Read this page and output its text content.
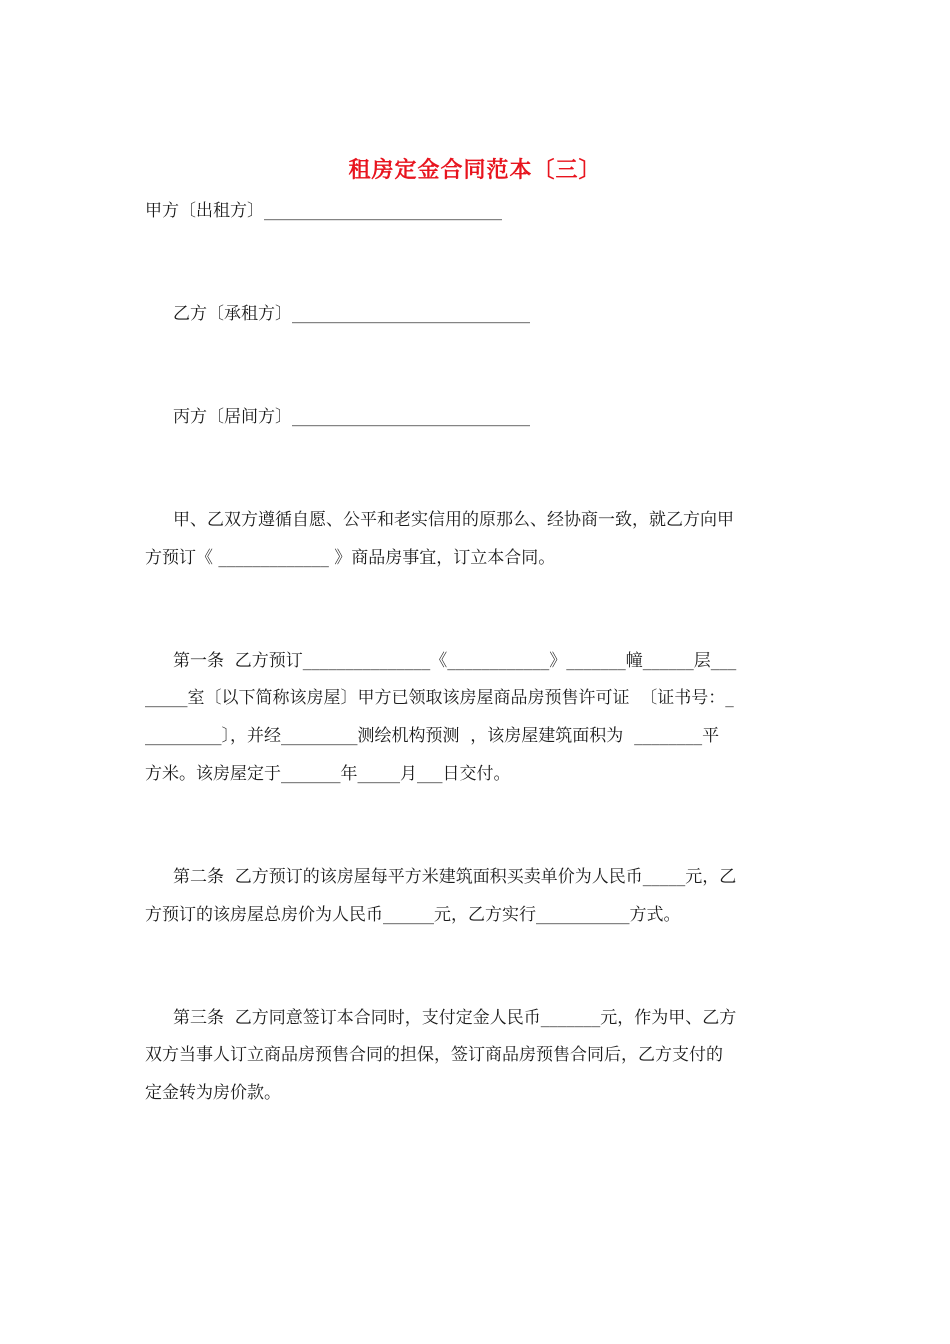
租房定金合同范本〔三〕
甲方〔出租方〕____________________________
乙方〔承租方〕____________________________
丙方〔居间方〕____________________________
甲、乙双方遵循自愿、公平和老实信用的原那么、经协商一致，就乙方向甲
方预订《 _____________ 》商品房事宜，订立本合同。
第一条  乙方预订_______________《____________》_______幢______层___
_____室〔以下简称该房屋〕甲方已领取该房屋商品房预售许可证  〔证书号：_
_________〕，并经_________测绘机构预测  ，该房屋建筑面积为  ________平
方米。该房屋定于_______年_____月___日交付。
第二条  乙方预订的该房屋每平方米建筑面积买卖单价为人民币_____元，乙
方预订的该房屋总房价为人民币______元，乙方实行___________方式。
第三条  乙方同意签订本合同时，支付定金人民币_______元，作为甲、乙方
双方当事人订立商品房预售合同的担保，签订商品房预售合同后，乙方支付的
定金转为房价款。
